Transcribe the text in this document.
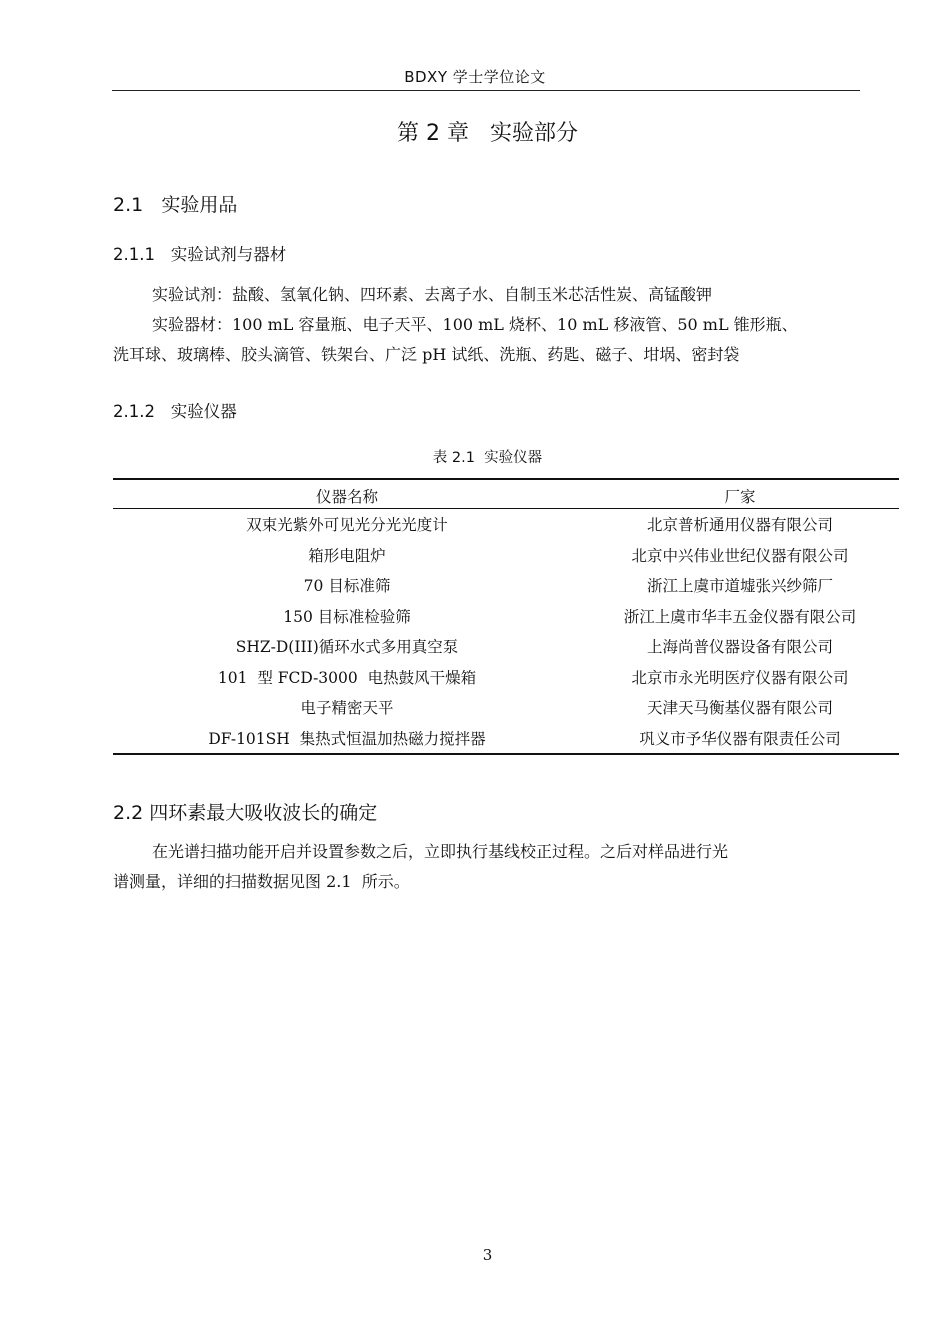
BDXY 学士学位论文
第 2 章   实验部分
2.1   实验用品
2.1.1   实验试剂与器材
实验试剂：盐酸、氢氧化钠、四环素、去离子水、自制玉米芯活性炭、高锰酸钾
实验器材：100 mL 容量瓶、电子天平、100 mL 烧杯、10 mL 移液管、50 mL 锥形瓶、
洗耳球、玻璃棒、胶头滴管、铁架台、广泛 pH 试纸、洗瓶、药匙、磁子、坩埚、密封袋
2.1.2   实验仪器
表 2.1  实验仪器
仪器名称	厂家
双束光紫外可见光分光光度计	北京普析通用仪器有限公司
箱形电阻炉	北京中兴伟业世纪仪器有限公司
70 目标准筛	浙江上虞市道墟张兴纱筛厂
150 目标准检验筛	浙江上虞市华丰五金仪器有限公司
SHZ-D(III)循环水式多用真空泵	上海尚普仪器设备有限公司
101  型 FCD-3000  电热鼓风干燥箱	北京市永光明医疗仪器有限公司
电子精密天平	天津天马衡基仪器有限公司
DF-101SH  集热式恒温加热磁力搅拌器	巩义市予华仪器有限责任公司
2.2 四环素最大吸收波长的确定
在光谱扫描功能开启并设置参数之后，立即执行基线校正过程。之后对样品进行光
谱测量，详细的扫描数据见图 2.1  所示。
3
